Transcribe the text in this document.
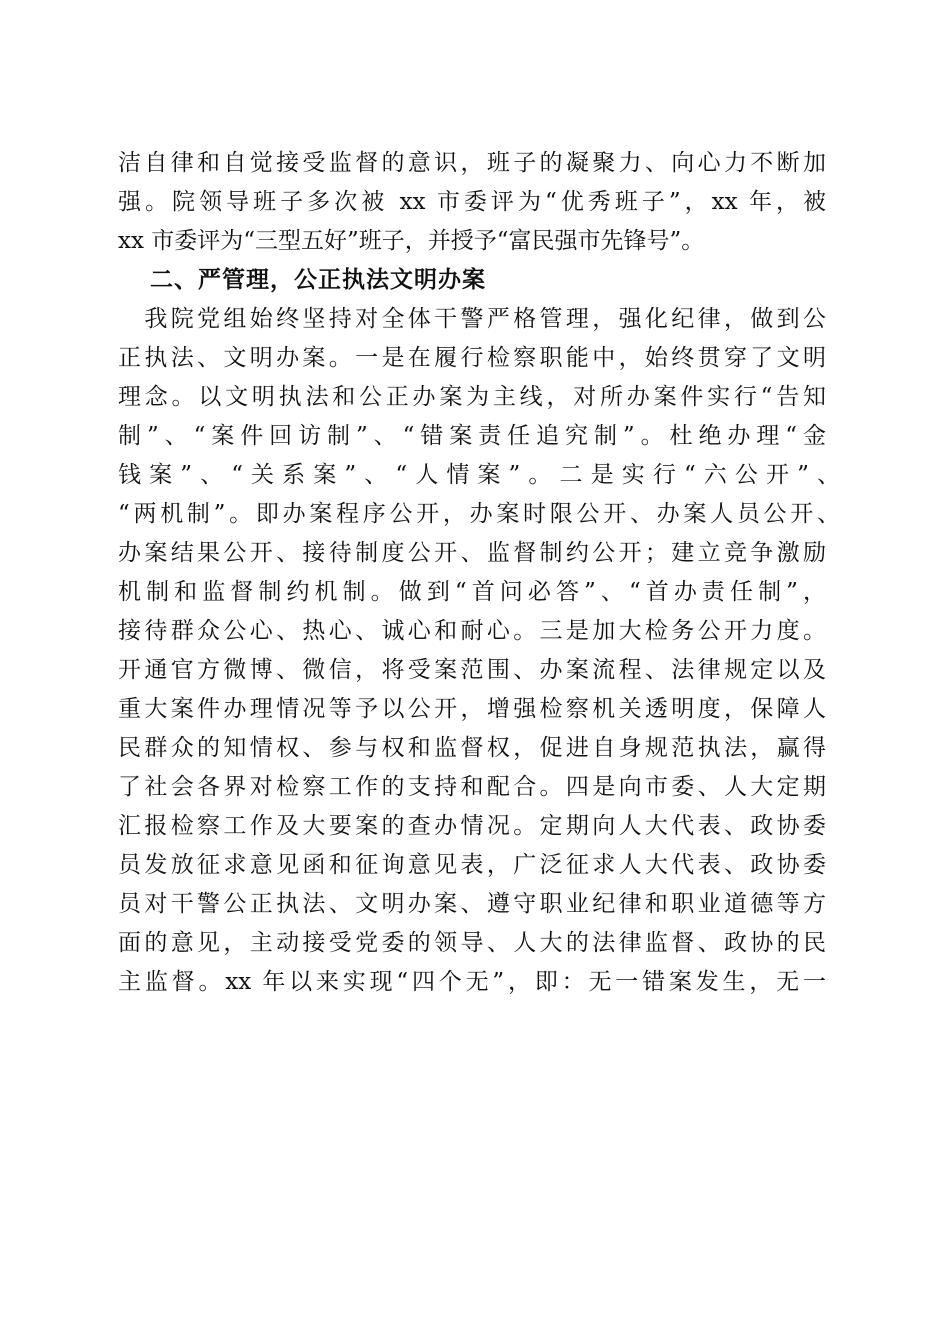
洁自律和自觉接受监督的意识，班子的凝聚力、向心力不断加
强。院领导班子多次被 xx 市委评为“优秀班子”，xx 年，被
xx 市委评为“三型五好”班子，并授予“富民强市先锋号”。
二、严管理，公正执法文明办案
　我院党组始终坚持对全体干警严格管理，强化纪律，做到公
正执法、文明办案。一是在履行检察职能中，始终贯穿了文明
理念。以文明执法和公正办案为主线，对所办案件实行“告知
制”、“案件回访制”、“错案责任追究制”。杜绝办理“金
钱案”、“关系案”、“人情案”。二是实行“六公开”、
“两机制”。即办案程序公开，办案时限公开、办案人员公开、
办案结果公开、接待制度公开、监督制约公开；建立竞争激励
机制和监督制约机制。做到“首问必答”、“首办责任制”，
接待群众公心、热心、诚心和耐心。三是加大检务公开力度。
开通官方微博、微信，将受案范围、办案流程、法律规定以及
重大案件办理情况等予以公开，增强检察机关透明度，保障人
民群众的知情权、参与权和监督权，促进自身规范执法，赢得
了社会各界对检察工作的支持和配合。四是向市委、人大定期
汇报检察工作及大要案的查办情况。定期向人大代表、政协委
员发放征求意见函和征询意见表，广泛征求人大代表、政协委
员对干警公正执法、文明办案、遵守职业纪律和职业道德等方
面的意见，主动接受党委的领导、人大的法律监督、政协的民
主监督。xx 年以来实现“四个无”，即：无一错案发生，无一
